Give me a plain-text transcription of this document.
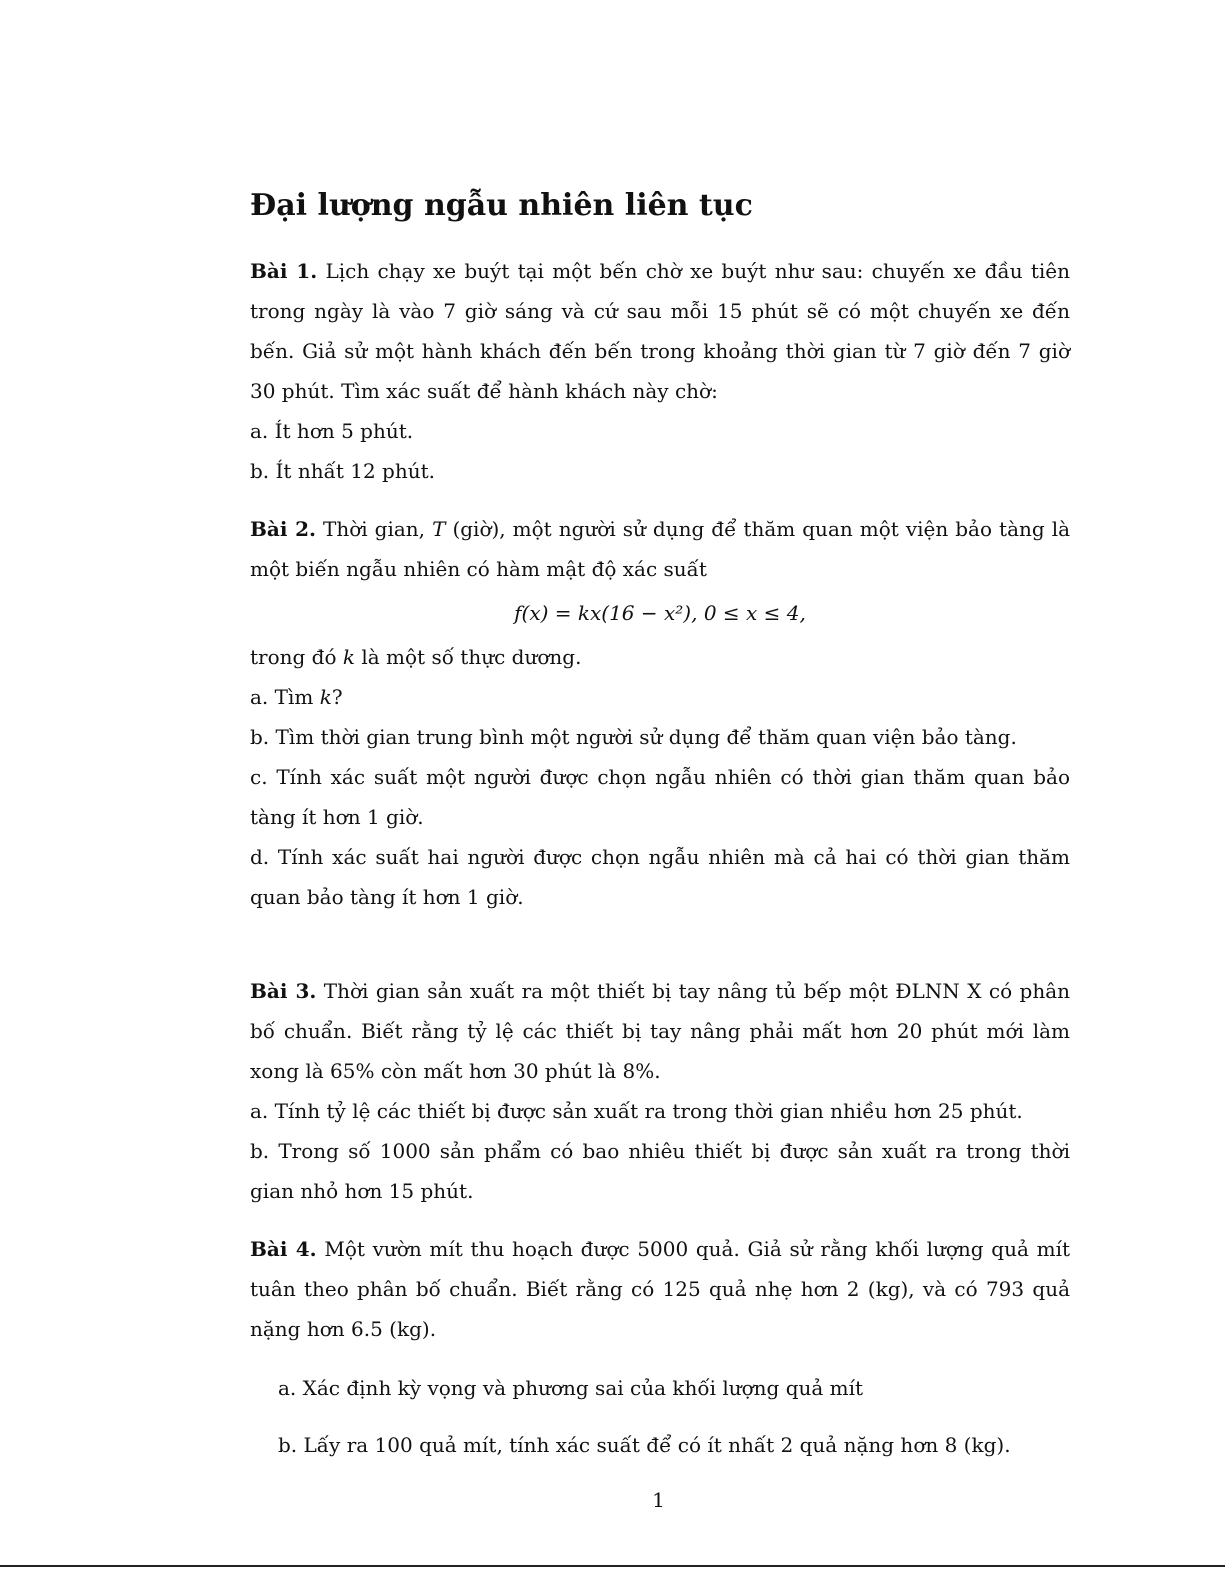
Đại lượng ngẫu nhiên liên tục

Bài 1. Lịch chạy xe buýt tại một bến chờ xe buýt như sau: chuyến xe đầu tiên trong ngày là vào 7 giờ sáng và cứ sau mỗi 15 phút sẽ có một chuyến xe đến bến. Giả sử một hành khách đến bến trong khoảng thời gian từ 7 giờ đến 7 giờ 30 phút. Tìm xác suất để hành khách này chờ:

a. Ít hơn 5 phút.

b. Ít nhất 12 phút.

Bài 2. Thời gian, T (giờ), một người sử dụng để thăm quan một viện bảo tàng là một biến ngẫu nhiên có hàm mật độ xác suất

f(x) = kx(16 − x²), 0 ≤ x ≤ 4,

trong đó k là một số thực dương.

a. Tìm k?

b. Tìm thời gian trung bình một người sử dụng để thăm quan viện bảo tàng.

c. Tính xác suất một người được chọn ngẫu nhiên có thời gian thăm quan bảo tàng ít hơn 1 giờ.

d. Tính xác suất hai người được chọn ngẫu nhiên mà cả hai có thời gian thăm quan bảo tàng ít hơn 1 giờ.

Bài 3. Thời gian sản xuất ra một thiết bị tay nâng tủ bếp một ĐLNN X có phân bố chuẩn. Biết rằng tỷ lệ các thiết bị tay nâng phải mất hơn 20 phút mới làm xong là 65% còn mất hơn 30 phút là 8%.

a. Tính tỷ lệ các thiết bị được sản xuất ra trong thời gian nhiều hơn 25 phút.

b. Trong số 1000 sản phẩm có bao nhiêu thiết bị được sản xuất ra trong thời gian nhỏ hơn 15 phút.

Bài 4. Một vườn mít thu hoạch được 5000 quả. Giả sử rằng khối lượng quả mít tuân theo phân bố chuẩn. Biết rằng có 125 quả nhẹ hơn 2 (kg), và có 793 quả nặng hơn 6.5 (kg).

a. Xác định kỳ vọng và phương sai của khối lượng quả mít

b. Lấy ra 100 quả mít, tính xác suất để có ít nhất 2 quả nặng hơn 8 (kg).

1
